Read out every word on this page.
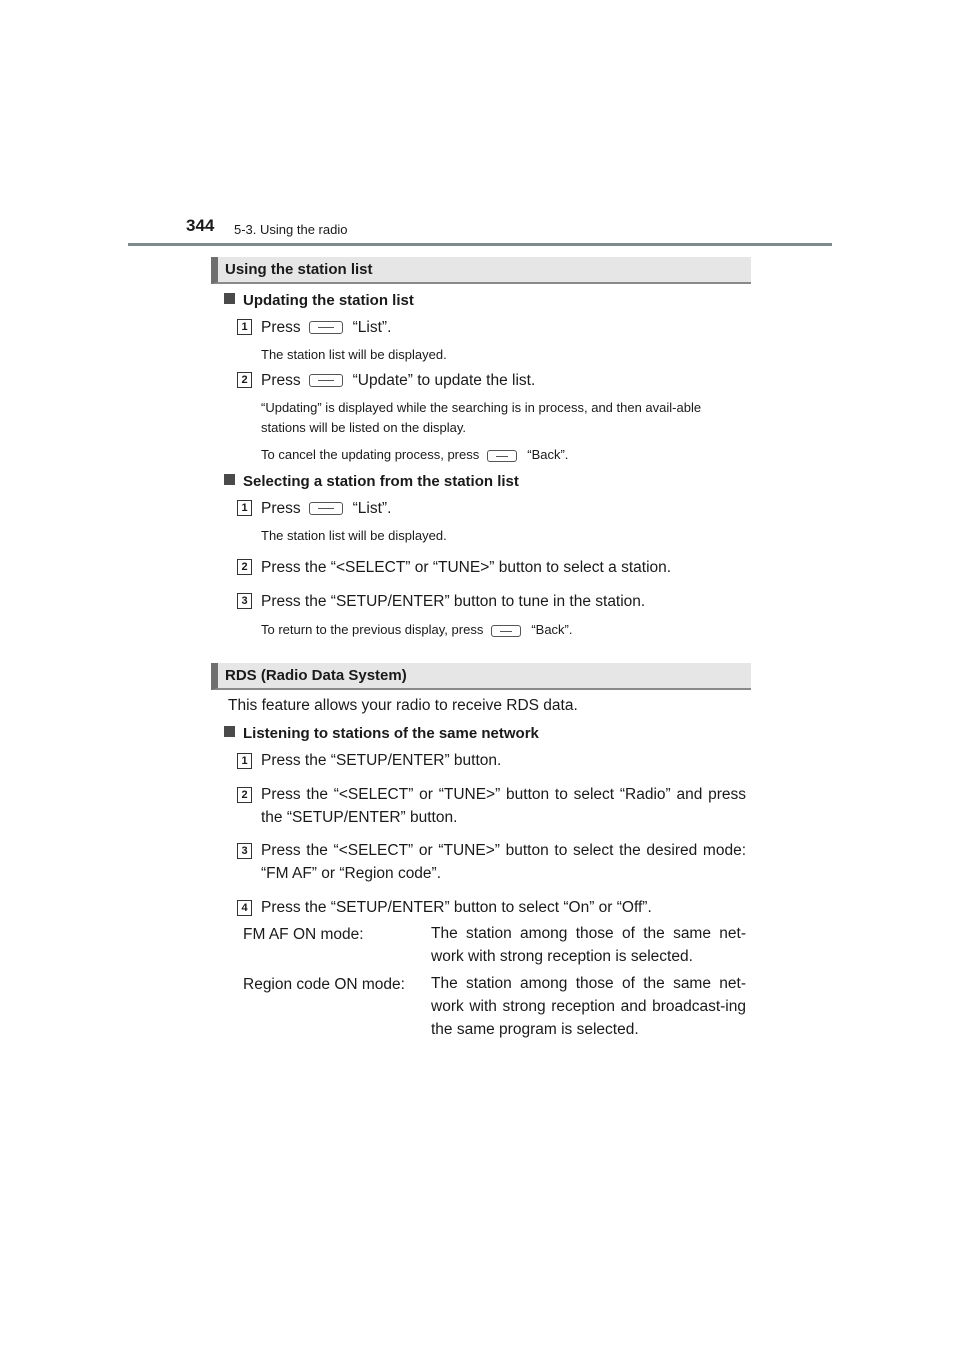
344 5-3. Using the radio
Using the station list
Updating the station list
1 Press	“List”.
The station list will be displayed.
2 Press	“Update” to update the list.
“Updating” is displayed while the searching is in process, and then avail-able stations will be listed on the display.
To cancel the updating process, press	“Back”.
Selecting a station from the station list
1 Press	“List”.
The station list will be displayed.
2 Press the “<SELECT” or “TUNE>” button to select a station.
3 Press the “SETUP/ENTER” button to tune in the station.
To return to the previous display, press	“Back”.
RDS (Radio Data System)
This feature allows your radio to receive RDS data.
Listening to stations of the same network
1 Press the “SETUP/ENTER” button.
2 Press the “<SELECT” or “TUNE>” button to select “Radio” and press the “SETUP/ENTER” button.
3 Press the “<SELECT” or “TUNE>” button to select the desired mode: “FM AF” or “Region code”.
4 Press the “SETUP/ENTER” button to select “On” or “Off”.
FM AF ON mode:	The station among those of the same net-work with strong reception is selected.
Region code ON mode: The station among those of the same net-work with strong reception and broadcast-ing the same program is selected.
